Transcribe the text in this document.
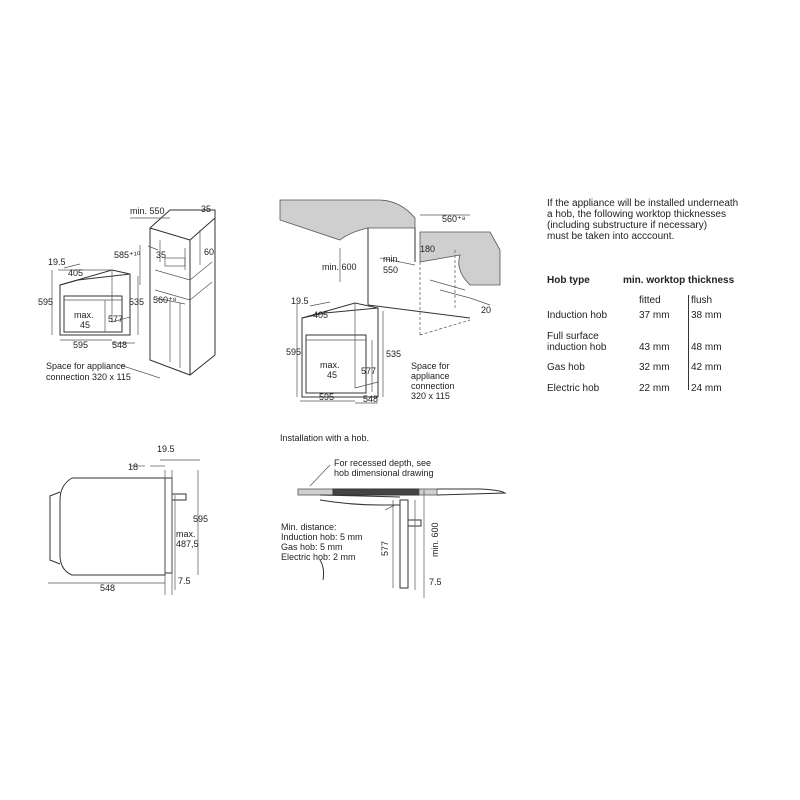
19.5
405
595	535
577
max.
45
595	548
min. 550	35
585⁺¹⁰	60
35
560⁺⁸
Space for appliance
connection 320 x 115
560⁺⁸
min. 600
min.
550
180
20
19.5
405
595	535
577
max.
45
595	548
Space for
appliance
connection
320 x 115
19.5
18
595
max.
487,5
7.5
548
Installation with a hob.
For recessed depth, see
hob dimensional drawing
Min. distance:
Induction hob: 5 mm
Gas hob: 5 mm
Electric hob: 2 mm
577	min. 600
7.5
If the appliance will be installed underneath
a hob, the following worktop thicknesses
(including substructure if necessary)
must be taken into acccount.
Hob type	min. worktop thickness
fitted	flush
Induction hob	37 mm 38 mm
Full surface
induction hob	43 mm 48 mm
Gas hob	32 mm 42 mm
Electric hob	22 mm 24 mm
